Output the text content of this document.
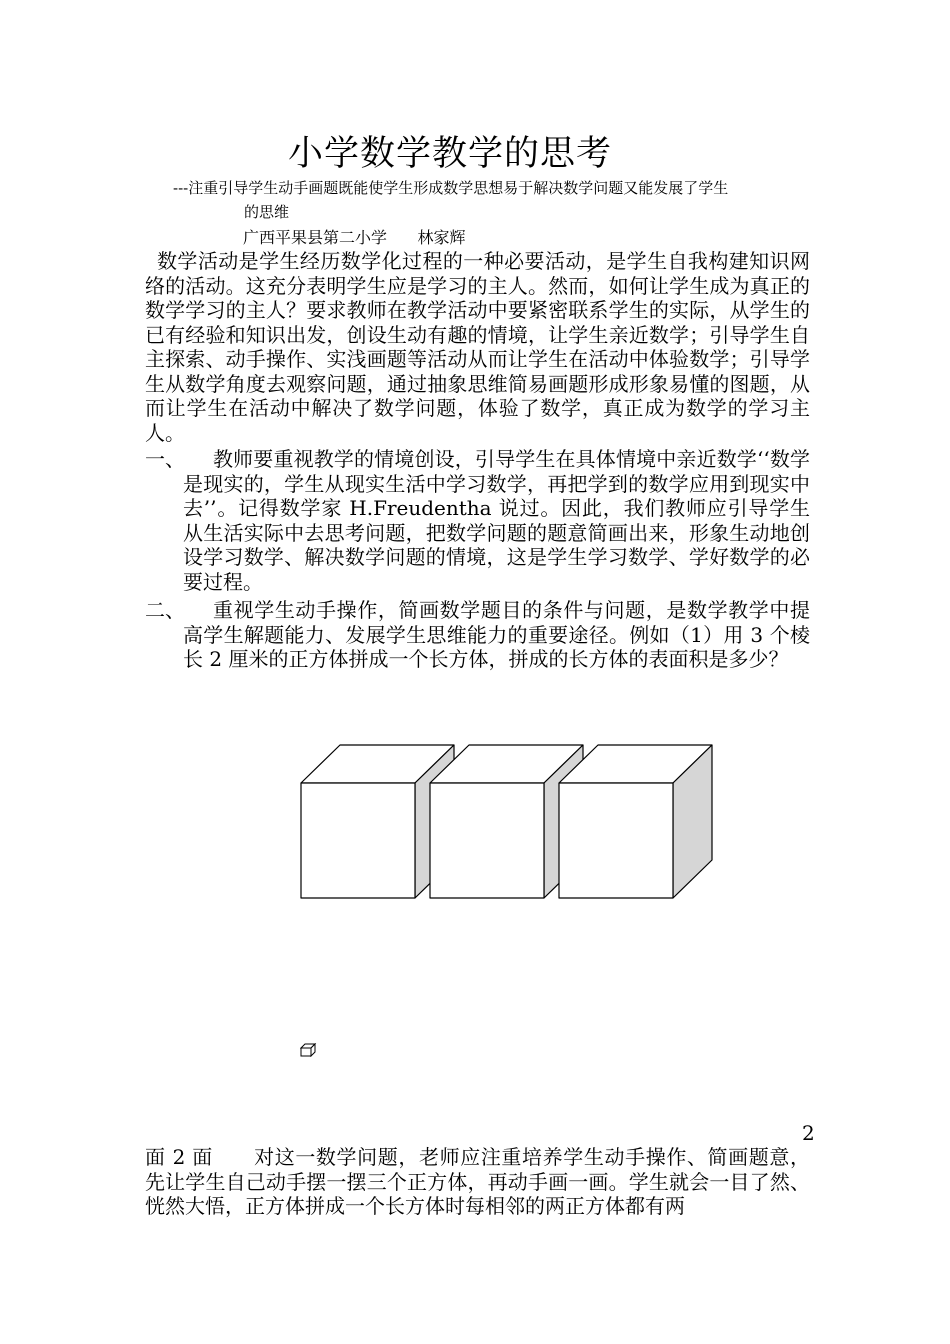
小学数学教学的思考
---注重引导学生动手画题既能使学生形成数学思想易于解决数学问题又能发展了学生
的思维
广西平果县第二小学      林家辉
数学活动是学生经历数学化过程的一种必要活动，是学生自我构建知识网络的活动。这充分表明学生应是学习的主人。然而，如何让学生成为真正的数学学习的主人？要求教师在教学活动中要紧密联系学生的实际，从学生的已有经验和知识出发，创设生动有趣的情境，让学生亲近数学；引导学生自主探索、动手操作、实浅画题等活动从而让学生在活动中体验数学；引导学生从数学角度去观察问题，通过抽象思维简易画题形成形象易懂的图题，从而让学生在活动中解决了数学问题，体验了数学，真正成为数学的学习主人。
一、	教师要重视教学的情境创设，引导学生在具体情境中亲近数学‘‘数学是现实的，学生从现实生活中学习数学，再把学到的数学应用到现实中去’’。记得数学家 H.Freudentha 说过。因此，我们教师应引导学生从生活实际中去思考问题，把数学问题的题意简画出来，形象生动地创设学习数学、解决数学问题的情境，这是学生学习数学、学好数学的必要过程。
二、	重视学生动手操作，简画数学题目的条件与问题，是数学教学中提高学生解题能力、发展学生思维能力的重要途径。例如（1）用 3 个棱长 2 厘米的正方体拼成一个长方体，拼成的长方体的表面积是多少？
2
面 2 面　　对这一数学问题，老师应注重培养学生动手操作、简画题意，先让学生自己动手摆一摆三个正方体，再动手画一画。学生就会一目了然、恍然大悟，正方体拼成一个长方体时每相邻的两正方体都有两
